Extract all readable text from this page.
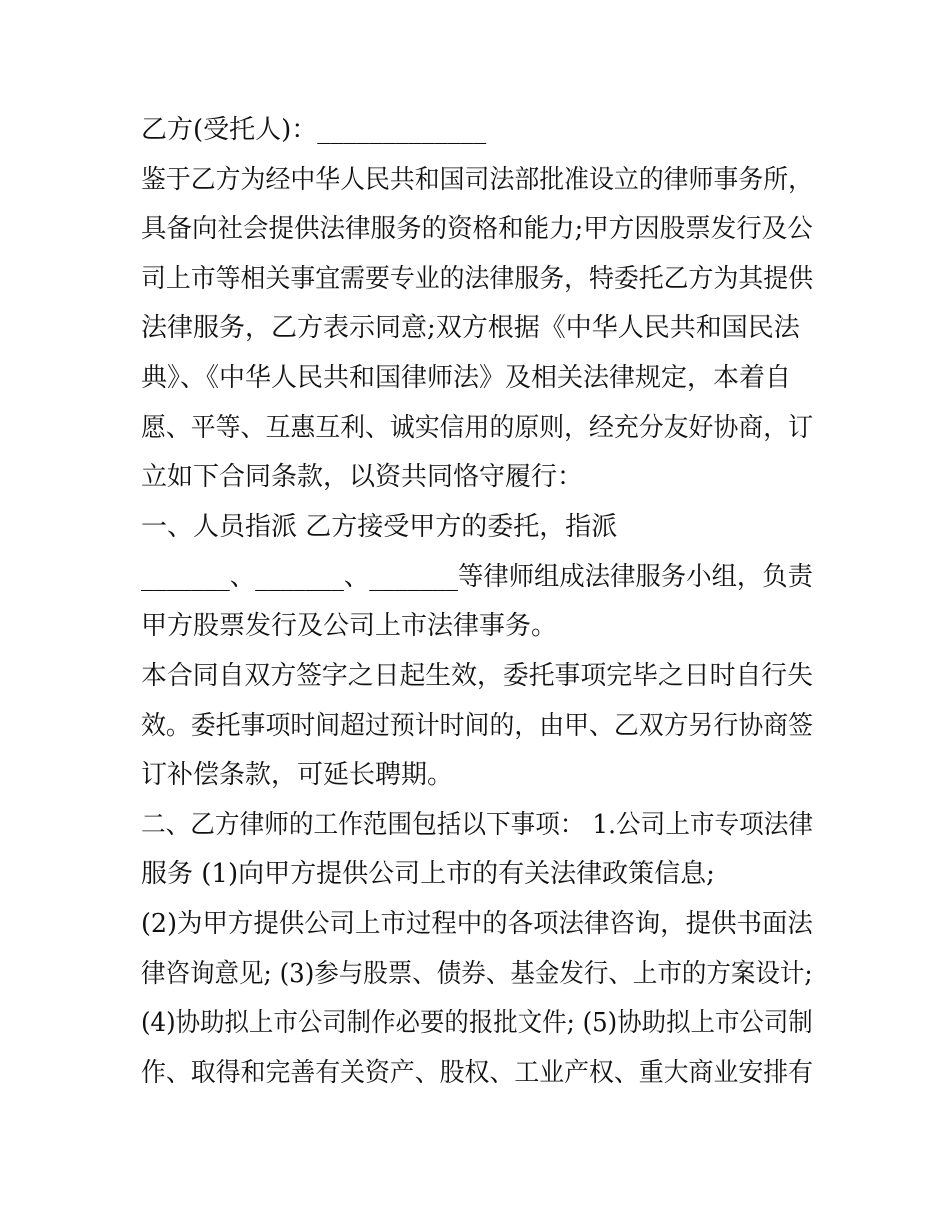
乙方(受托人)：_____________
鉴于乙方为经中华人民共和国司法部批准设立的律师事务所，
具备向社会提供法律服务的资格和能力;甲方因股票发行及公
司上市等相关事宜需要专业的法律服务，特委托乙方为其提供
法律服务，乙方表示同意;双方根据《中华人民共和国民法
典》、《中华人民共和国律师法》及相关法律规定，本着自
愿、平等、互惠互利、诚实信用的原则，经充分友好协商，订
立如下合同条款，以资共同恪守履行：
一、人员指派 乙方接受甲方的委托，指派
_______、_______、_______等律师组成法律服务小组，负责
甲方股票发行及公司上市法律事务。
本合同自双方签字之日起生效，委托事项完毕之日时自行失
效。委托事项时间超过预计时间的，由甲、乙双方另行协商签
订补偿条款，可延长聘期。
二、乙方律师的工作范围包括以下事项： 1.公司上市专项法律
服务 (1)向甲方提供公司上市的有关法律政策信息;
(2)为甲方提供公司上市过程中的各项法律咨询，提供书面法
律咨询意见; (3)参与股票、债券、基金发行、上市的方案设计;
(4)协助拟上市公司制作必要的报批文件; (5)协助拟上市公司制
作、取得和完善有关资产、股权、工业产权、重大商业安排有
